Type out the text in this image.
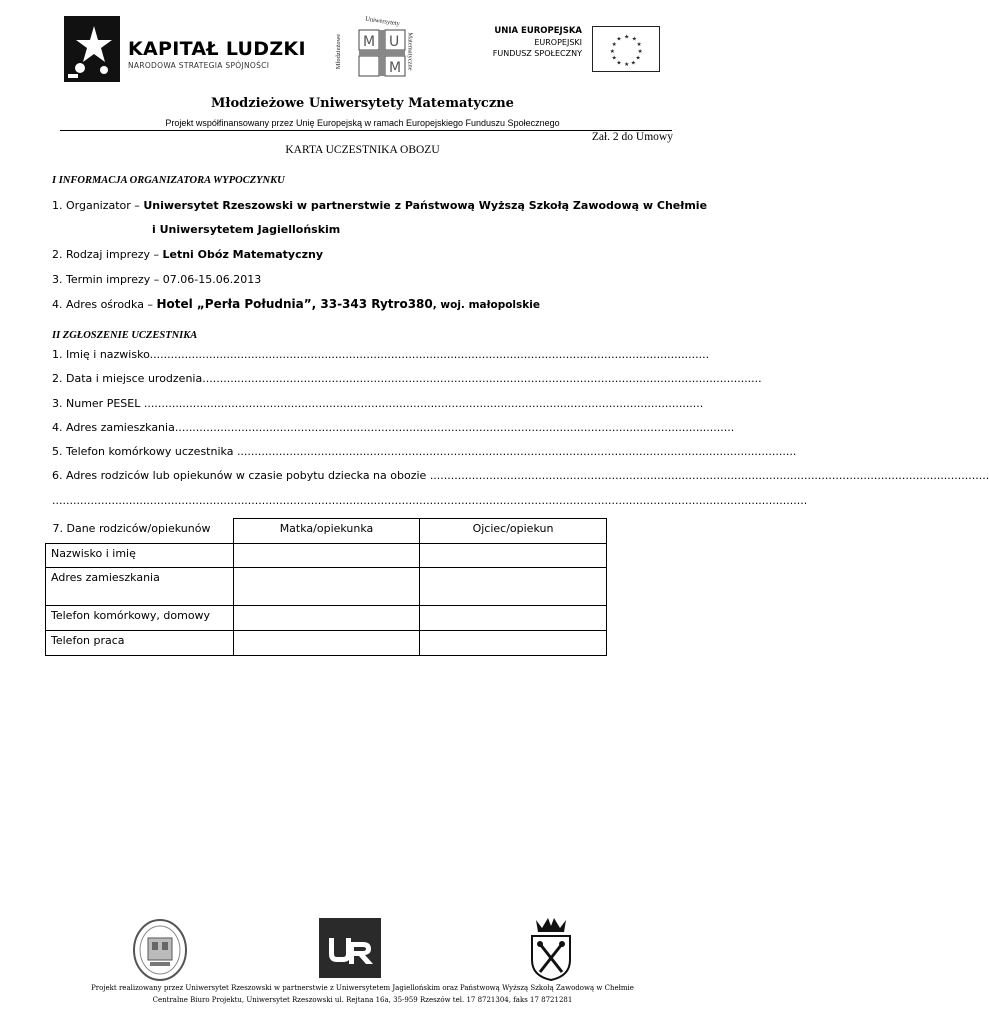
KAPITAŁ LUDZKI
NARODOWA STRATEGIA SPÓJNOŚCI
Uniwersytety
Młodzieżowe	Matematyczne
M U
M
UNIA EUROPEJSKA
EUROPEJSKI
FUNDUSZ SPOŁECZNY
★ ★
★
★
★
★
★
★
★
★
★
★
Młodzieżowe Uniwersytety Matematyczne
Projekt współfinansowany przez Unię Europejską w ramach Europejskiego Funduszu Społecznego
Zał. 2 do Umowy
KARTA UCZESTNIKA OBOZU
I INFORMACJA ORGANIZATORA WYPOCZYNKU
1. Organizator – Uniwersytet Rzeszowski w partnerstwie z Państwową Wyższą Szkołą Zawodową w Chełmie
i Uniwersytetem Jagiellońskim
2. Rodzaj imprezy – Letni Obóz Matematyczny
3. Termin imprezy – 07.06-15.06.2013
4. Adres ośrodka – Hotel „Perła Południa”, 33-343 Rytro380, woj. małopolskie
II ZGŁOSZENIE UCZESTNIKA
1. Imię i nazwisko................................................................................................................................................................
2. Data i miejsce urodzenia................................................................................................................................................................
3. Numer PESEL ................................................................................................................................................................
4. Adres zamieszkania................................................................................................................................................................
5. Telefon komórkowy uczestnika ................................................................................................................................................................
6. Adres rodziców lub opiekunów w czasie pobytu dziecka na obozie ................................................................................................................................................................
........................................................................................................................................................................................................................
7. Dane rodziców/opiekunów	Matka/opiekunka	Ojciec/opiekun
Nazwisko i imię		
Adres zamieszkania		
Telefon komórkowy, domowy		
Telefon praca		
Projekt realizowany przez Uniwersytet Rzeszowski w partnerstwie z Uniwersytetem Jagiellońskim oraz Państwową Wyższą Szkołą Zawodową w Chełmie
Centralne Biuro Projektu, Uniwersytet Rzeszowski ul. Rejtana 16a, 35-959 Rzeszów tel. 17 8721304, faks 17 8721281
